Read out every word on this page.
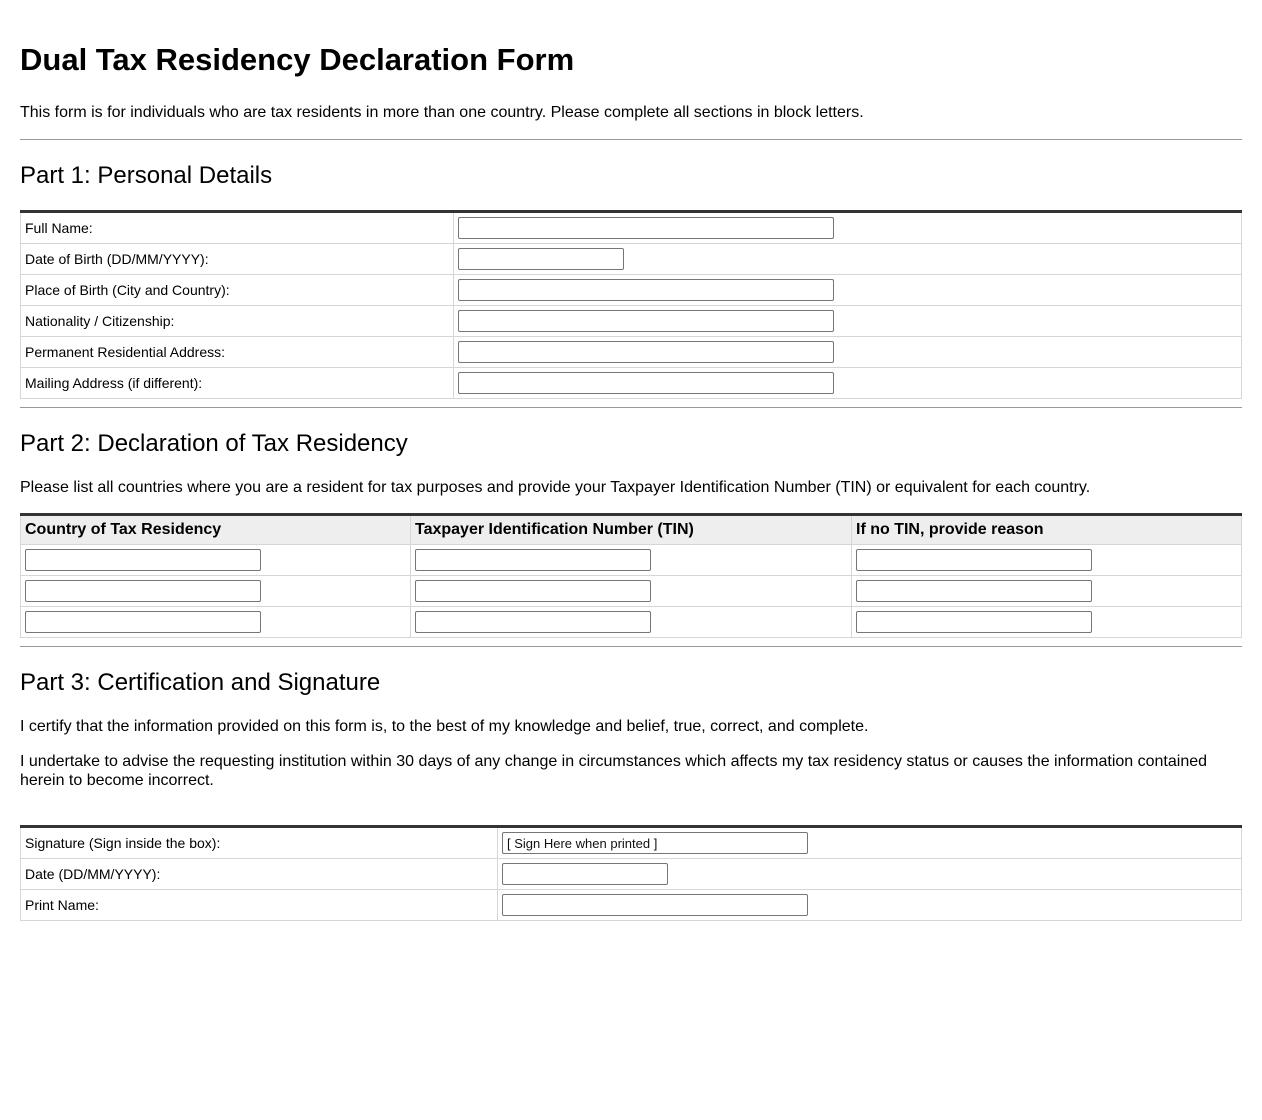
Dual Tax Residency Declaration Form

This form is for individuals who are tax residents in more than one country. Please complete all sections in block letters.

Part 1: Personal Details
Full Name:	

Date of Birth (DD/MM/YYYY):	

Place of Birth (City and Country):	

Nationality / Citizenship:	

Permanent Residential Address:	

Mailing Address (if different):	
Part 2: Declaration of Tax Residency

Please list all countries where you are a resident for tax purposes and provide your Taxpayer Identification Number (TIN) or equivalent for each country.

Country of Tax Residency	Taxpayer Identification Number (TIN)	If no TIN, provide reason

Part 3: Certification and Signature

I certify that the information provided on this form is, to the best of my knowledge and belief, true, correct, and complete.

I undertake to advise the requesting institution within 30 days of any change in circumstances which affects my tax residency status or causes the information contained herein to become incorrect.

Signature (Sign inside the box):	
[ Sign Here when printed ]
Date (DD/MM/YYYY):	

Print Name:	
